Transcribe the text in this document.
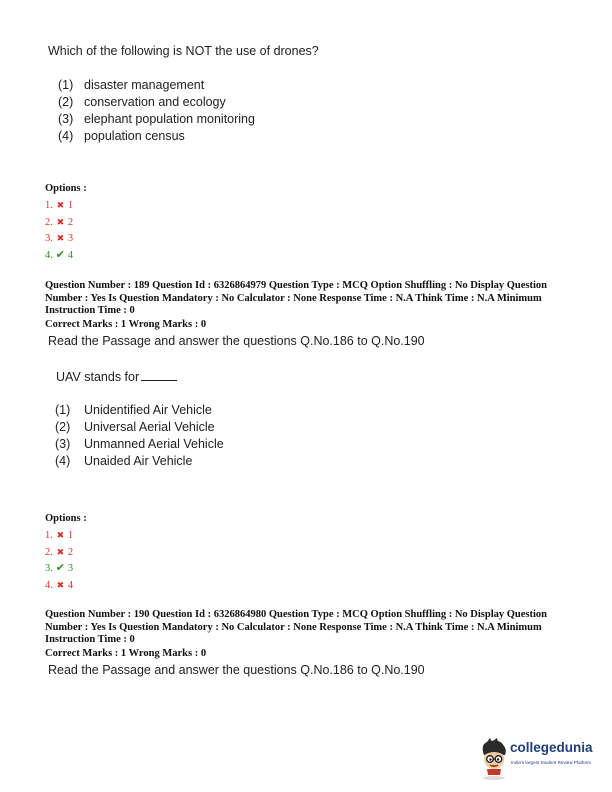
Which of the following is NOT the use of drones?
(1) disaster management
(2) conservation and ecology
(3) elephant population monitoring
(4) population census
Options :
1. ✖ 1
2. ✖ 2
3. ✖ 3
4. ✔ 4
Question Number : 189 Question Id : 6326864979 Question Type : MCQ Option Shuffling : No Display Question
Number : Yes Is Question Mandatory : No Calculator : None Response Time : N.A Think Time : N.A Minimum
Instruction Time : 0
Correct Marks : 1 Wrong Marks : 0
Read the Passage and answer the questions Q.No.186 to Q.No.190
UAV stands for
(1) Unidentified Air Vehicle
(2) Universal Aerial Vehicle
(3) Unmanned Aerial Vehicle
(4) Unaided Air Vehicle
Options :
1. ✖ 1
2. ✖ 2
3. ✔ 3
4. ✖ 4
Question Number : 190 Question Id : 6326864980 Question Type : MCQ Option Shuffling : No Display Question
Number : Yes Is Question Mandatory : No Calculator : None Response Time : N.A Think Time : N.A Minimum
Instruction Time : 0
Correct Marks : 1 Wrong Marks : 0
Read the Passage and answer the questions Q.No.186 to Q.No.190
collegedunia
India's largest Student Review Platform
